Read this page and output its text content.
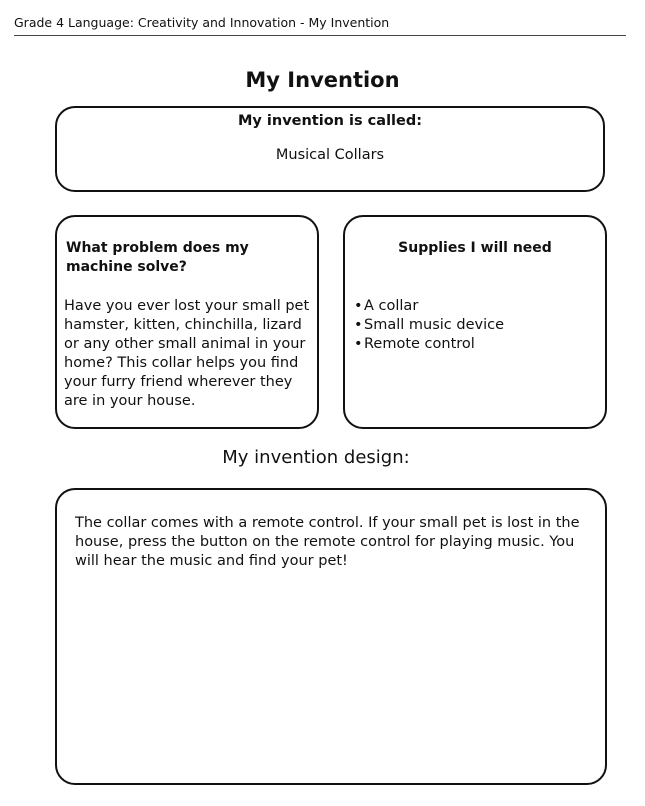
Grade 4 Language: Creativity and Innovation - My Invention
My Invention
My invention is called:
Musical Collars
What problem does my machine solve?
Have you ever lost your small pet hamster, kitten, chinchilla, lizard or any other small animal in your home? This collar helps you find your furry friend wherever they are in your house.
Supplies I will need
•A collar
•Small music device
•Remote control
My invention design:
The collar comes with a remote control. If your small pet is lost in the house, press the button on the remote control for playing music. You will hear the music and find your pet!
